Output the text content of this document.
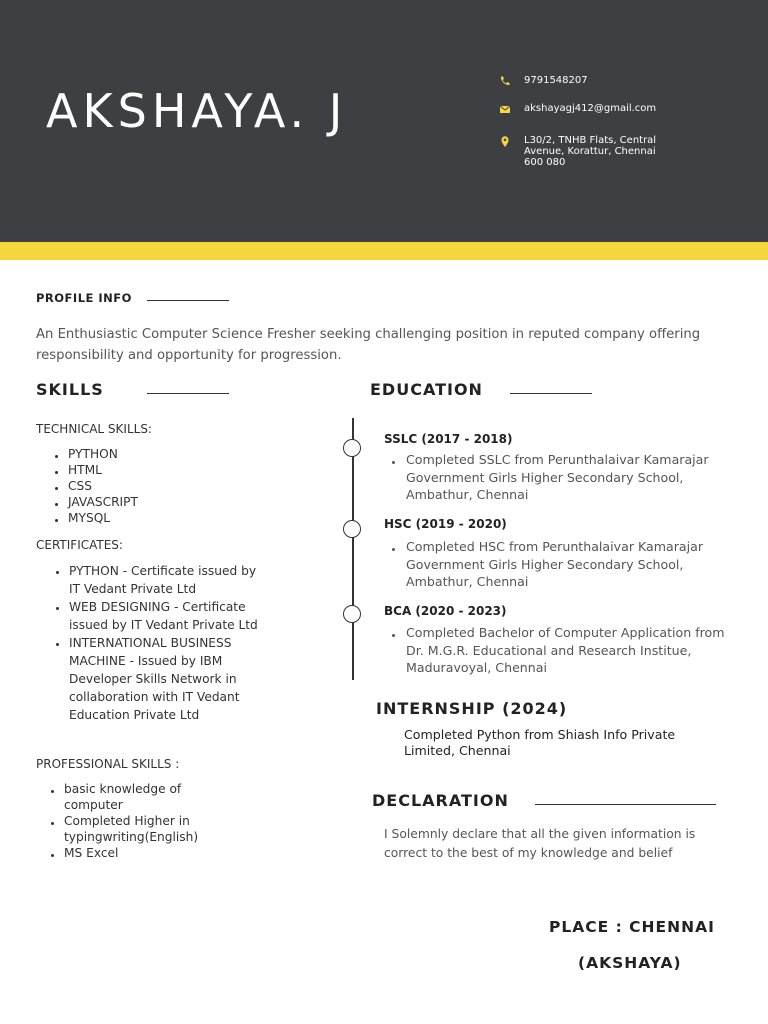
AKSHAYA. J
9791548207
akshayagj412@gmail.com
L30/2, TNHB Flats, Central Avenue, Korattur, Chennai 600 080
PROFILE INFO

An Enthusiastic Computer Science Fresher seeking challenging position in reputed company offering responsibility and opportunity for progression.

SKILLS

TECHNICAL SKILLS:

PYTHON
HTML
CSS
JAVASCRIPT
MYSQL

CERTIFICATES:

PYTHON - Certificate issued by IT Vedant Private Ltd
WEB DESIGNING - Certificate issued by IT Vedant Private Ltd
INTERNATIONAL BUSINESS MACHINE - Issued by IBM Developer Skills Network in collaboration with IT Vedant Education Private Ltd

PROFESSIONAL SKILLS :

basic knowledge of computer
Completed Higher in typingwriting(English)
MS Excel
EDUCATION

SSLC (2017 - 2018)

Completed SSLC from Perunthalaivar Kamarajar Government Girls Higher Secondary School, Ambathur, Chennai

HSC (2019 - 2020)

Completed HSC from Perunthalaivar Kamarajar Government Girls Higher Secondary School, Ambathur, Chennai

BCA (2020 - 2023)

Completed Bachelor of Computer Application from Dr. M.G.R. Educational and Research Institue, Maduravoyal, Chennai

INTERNSHIP (2024)

Completed Python from Shiash Info Private Limited, Chennai

DECLARATION

I Solemnly declare that all the given information is correct to the best of my knowledge and belief

PLACE : CHENNAI

(AKSHAYA)
